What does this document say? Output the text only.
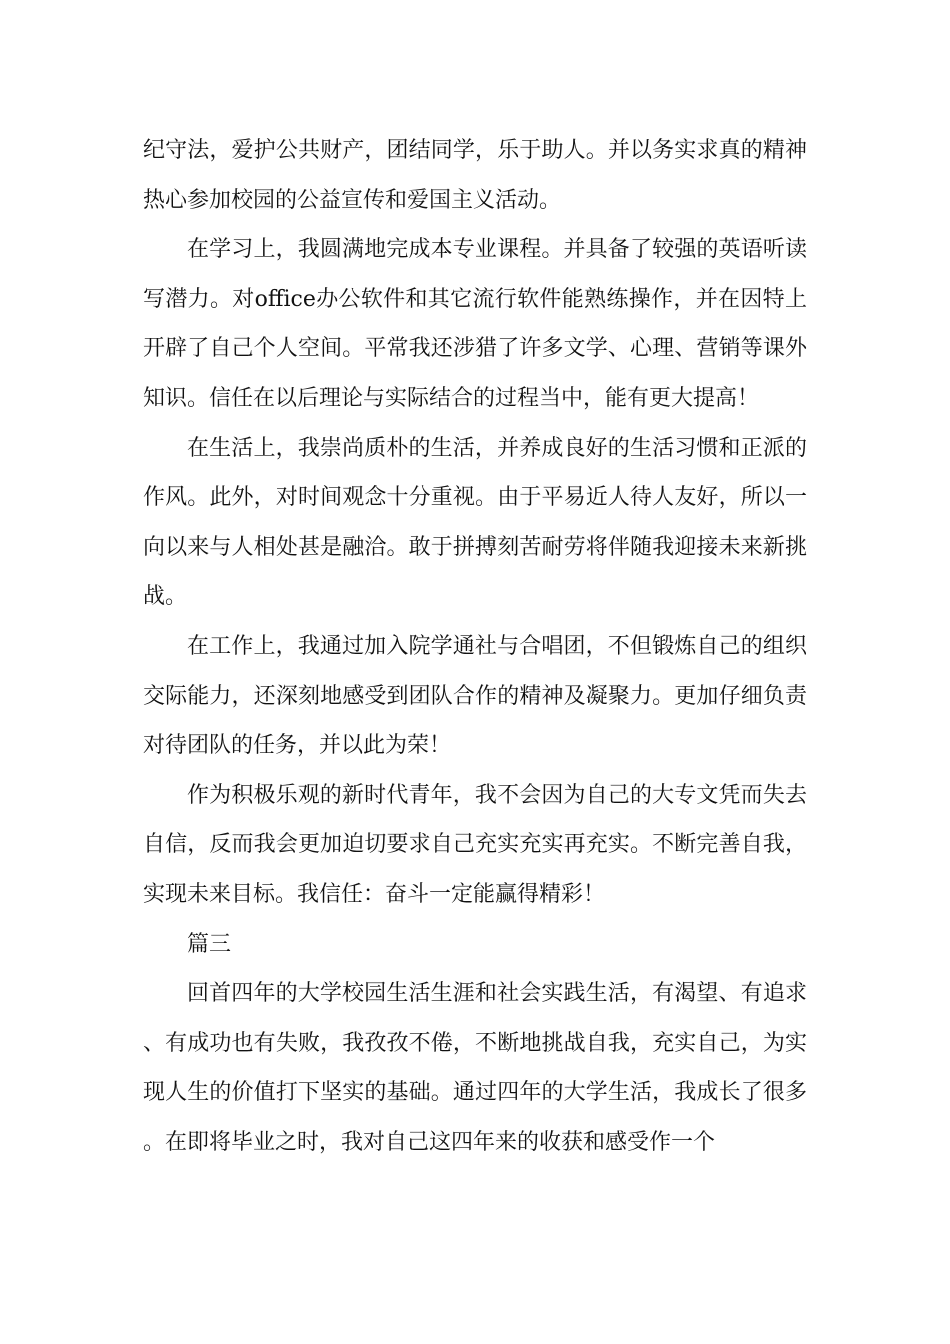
纪守法，爱护公共财产，团结同学，乐于助人。并以务实求真的精神热心参加校园的公益宣传和爱国主义活动。

在学习上，我圆满地完成本专业课程。并具备了较强的英语听读写潜力。对office办公软件和其它流行软件能熟练操作，并在因特上开辟了自己个人空间。平常我还涉猎了许多文学、心理、营销等课外知识。信任在以后理论与实际结合的过程当中，能有更大提高！

在生活上，我崇尚质朴的生活，并养成良好的生活习惯和正派的作风。此外，对时间观念十分重视。由于平易近人待人友好，所以一向以来与人相处甚是融洽。敢于拼搏刻苦耐劳将伴随我迎接未来新挑战。

在工作上，我通过加入院学通社与合唱团，不但锻炼自己的组织交际能力，还深刻地感受到团队合作的精神及凝聚力。更加仔细负责对待团队的任务，并以此为荣！

作为积极乐观的新时代青年，我不会因为自己的大专文凭而失去自信，反而我会更加迫切要求自己充实充实再充实。不断完善自我，实现未来目标。我信任：奋斗一定能赢得精彩！

篇三

回首四年的大学校园生活生涯和社会实践生活，有渴望、有追求、有成功也有失败，我孜孜不倦，不断地挑战自我，充实自己，为实现人生的价值打下坚实的基础。通过四年的大学生活，我成长了很多。在即将毕业之时，我对自己这四年来的收获和感受作一个
